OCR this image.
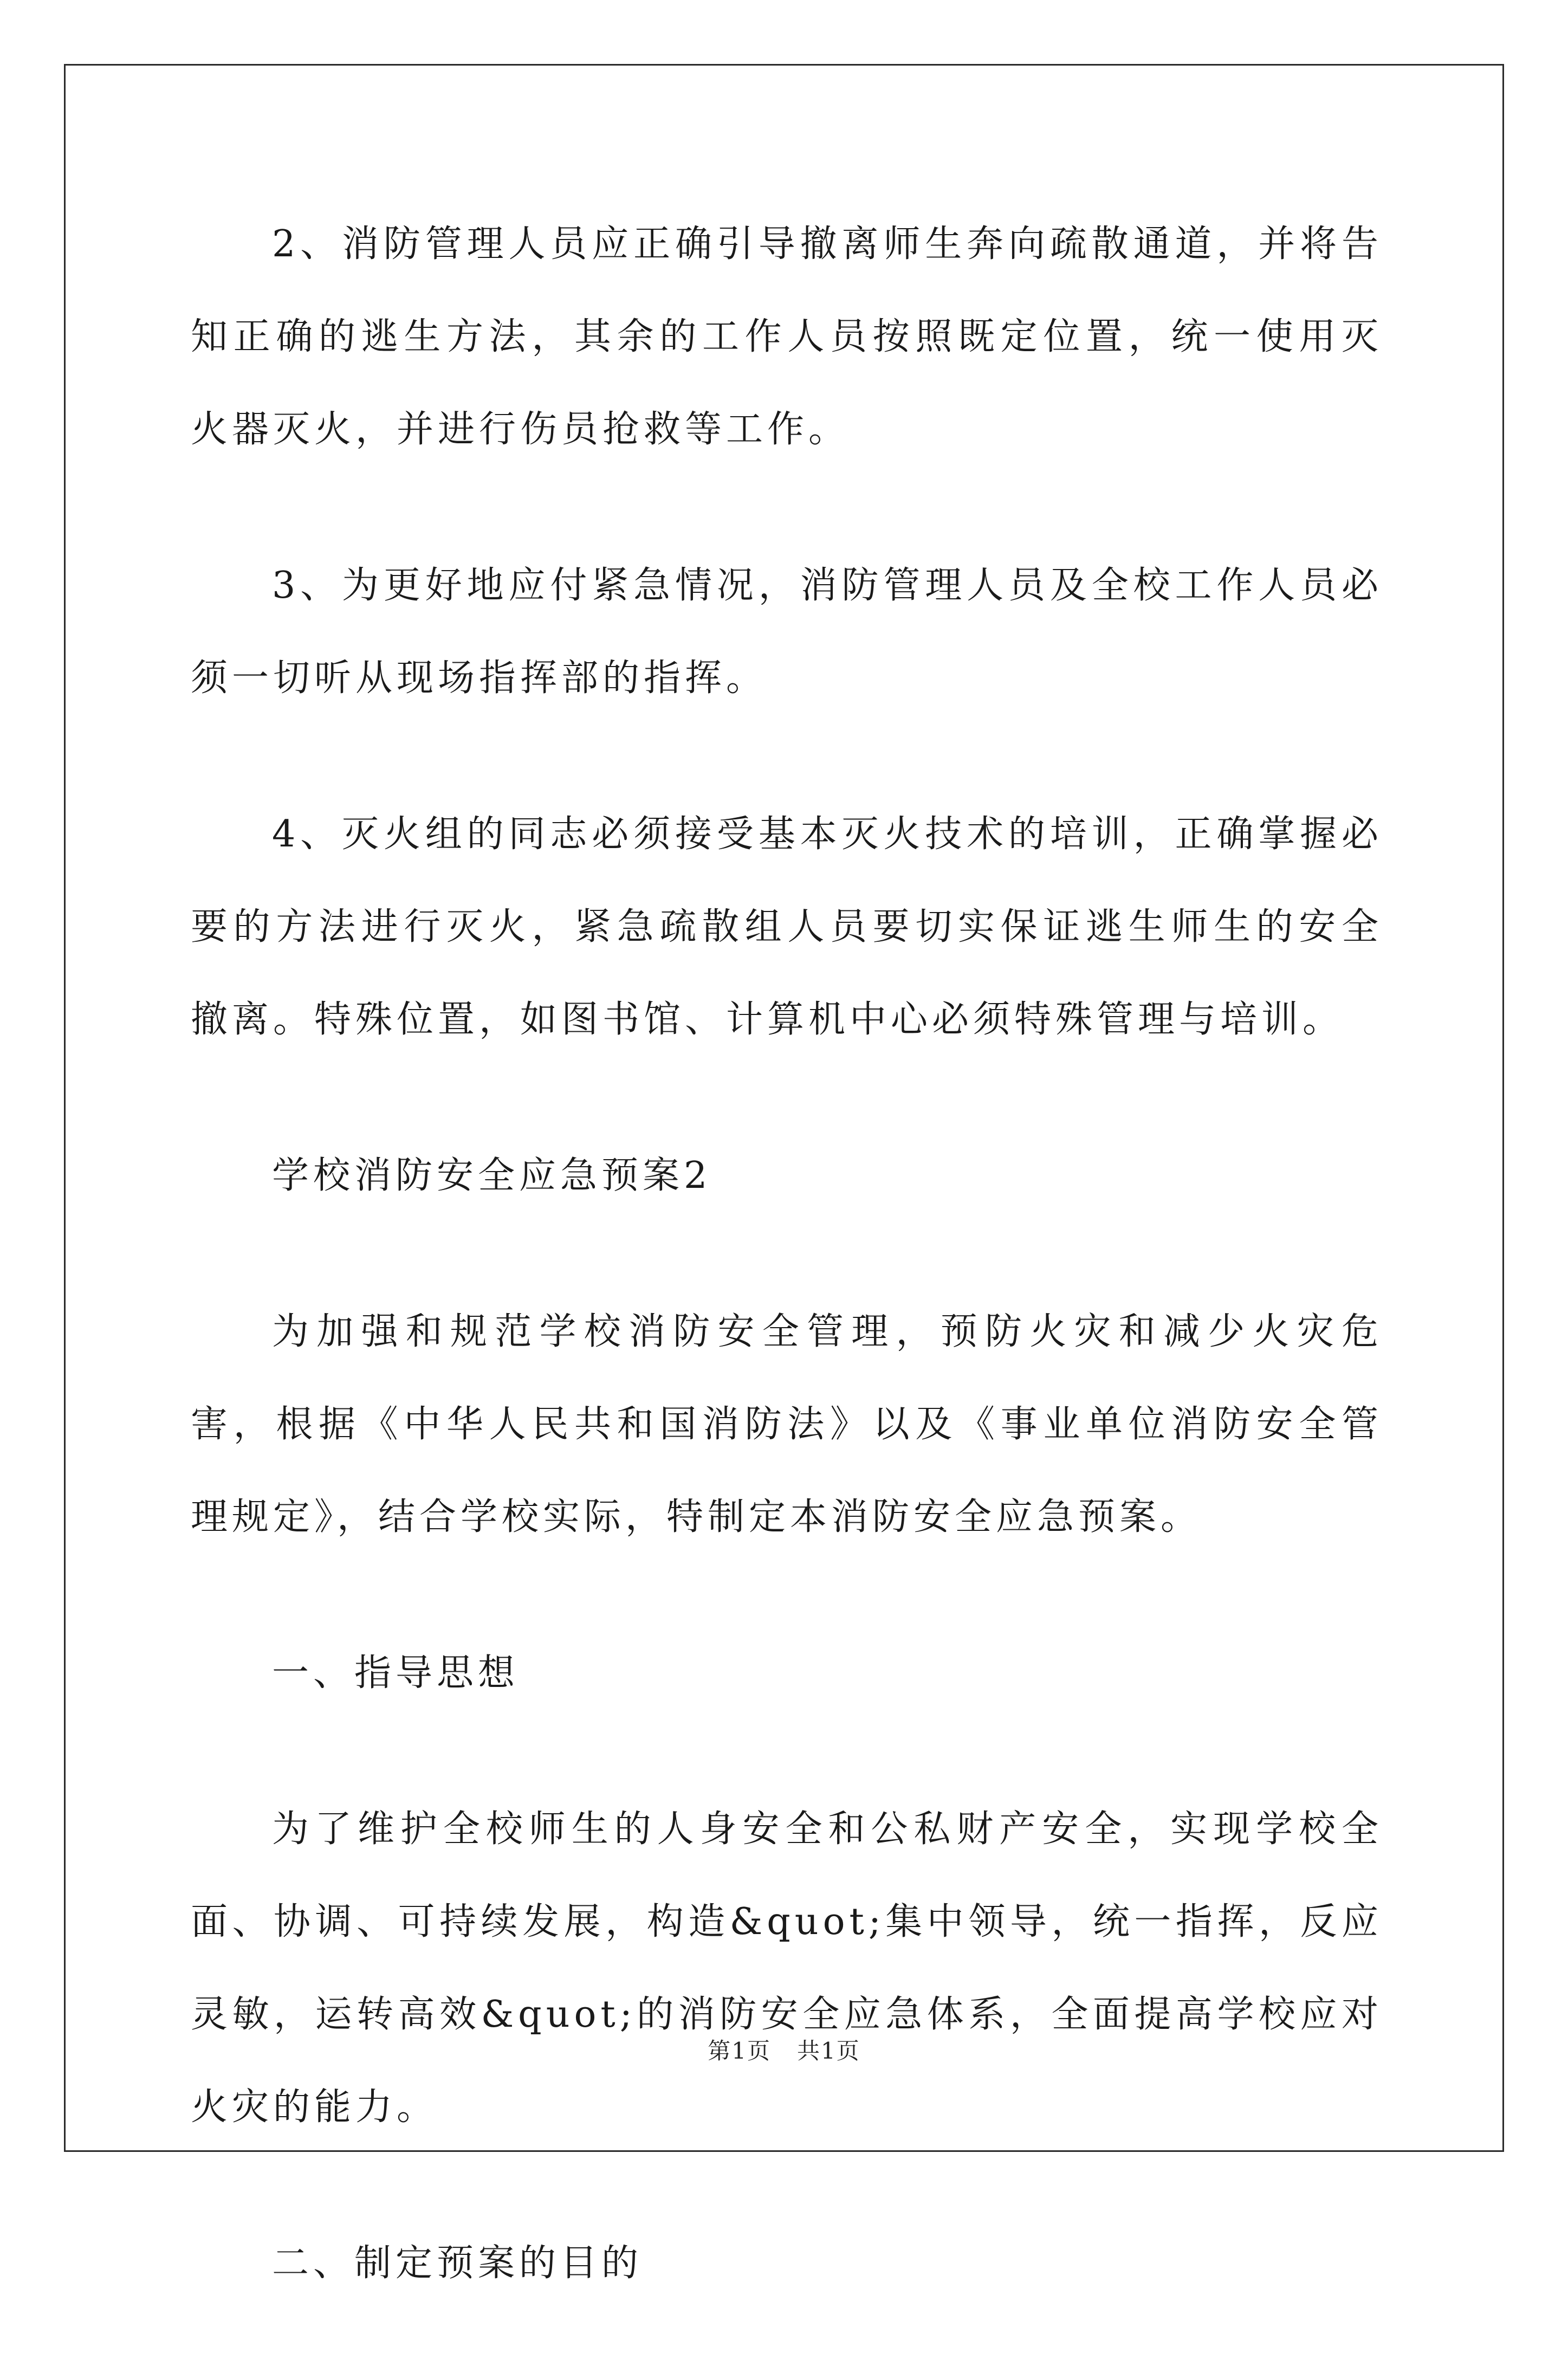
2、消防管理人员应正确引导撤离师生奔向疏散通道，并将告知正确的逃生方法，其余的工作人员按照既定位置，统一使用灭火器灭火，并进行伤员抢救等工作。

3、为更好地应付紧急情况，消防管理人员及全校工作人员必须一切听从现场指挥部的指挥。

4、灭火组的同志必须接受基本灭火技术的培训，正确掌握必要的方法进行灭火，紧急疏散组人员要切实保证逃生师生的安全撤离。特殊位置，如图书馆、计算机中心必须特殊管理与培训。

学校消防安全应急预案2

为加强和规范学校消防安全管理，预防火灾和减少火灾危害，根据《中华人民共和国消防法》以及《事业单位消防安全管理规定》，结合学校实际，特制定本消防安全应急预案。

一、指导思想

为了维护全校师生的人身安全和公私财产安全，实现学校全面、协调、可持续发展，构造&quot;集中领导，统一指挥，反应灵敏，运转高效&quot;的消防安全应急体系，全面提高学校应对火灾的能力。

二、制定预案的目的

第1页 共1页
